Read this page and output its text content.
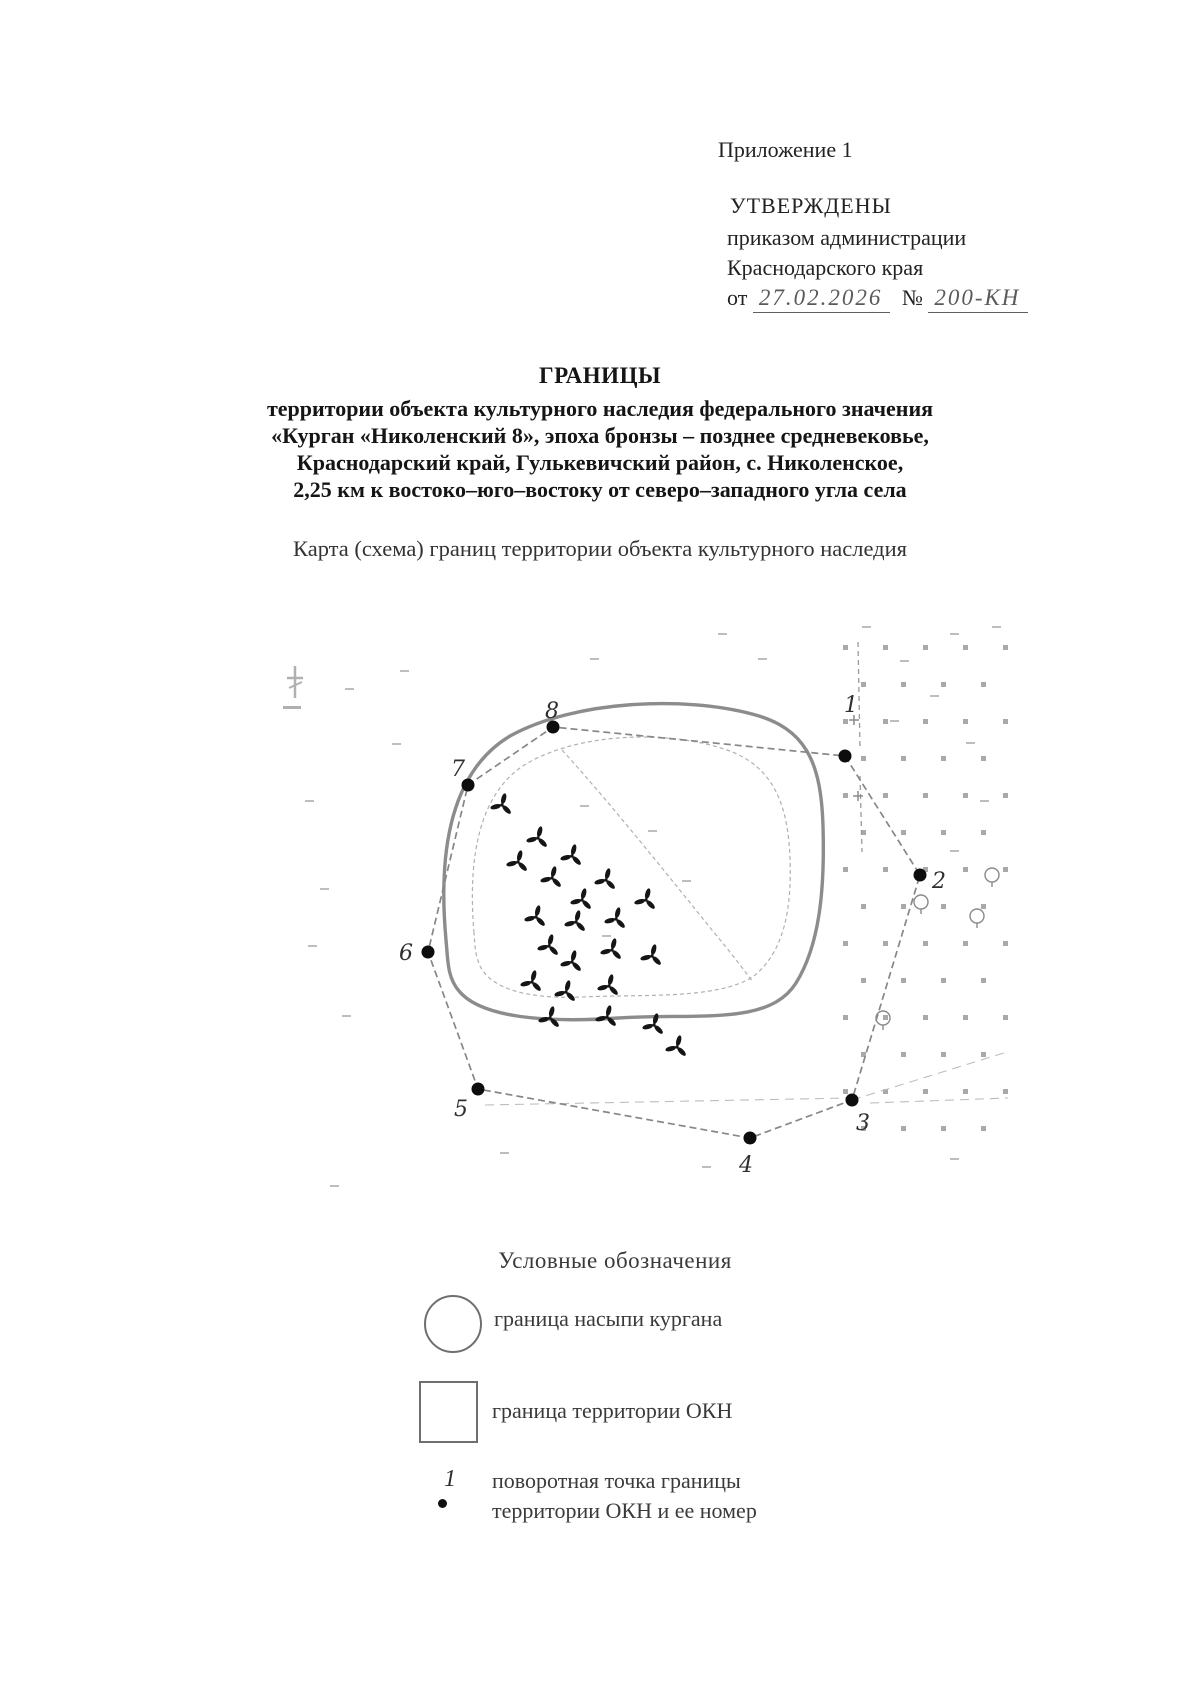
Приложение 1
УТВЕРЖДЕНЫ
приказом администрации
Краснодарского края
от 27.02.2026 № 200-КН
ГРАНИЦЫ
территории объекта культурного наследия федерального значения
«Курган «Николенский 8», эпоха бронзы – позднее средневековье,
Краснодарский край, Гулькевичский район, с. Николенское,
2,25 км к востоко–юго–востоку от северо–западного угла села
Карта (схема) границ территории объекта культурного наследия
1
2
3
4
5
6
7
8
Условные обозначения
граница насыпи кургана
граница территории ОКН
1 поворотная точка границы
территории ОКН и ее номер
